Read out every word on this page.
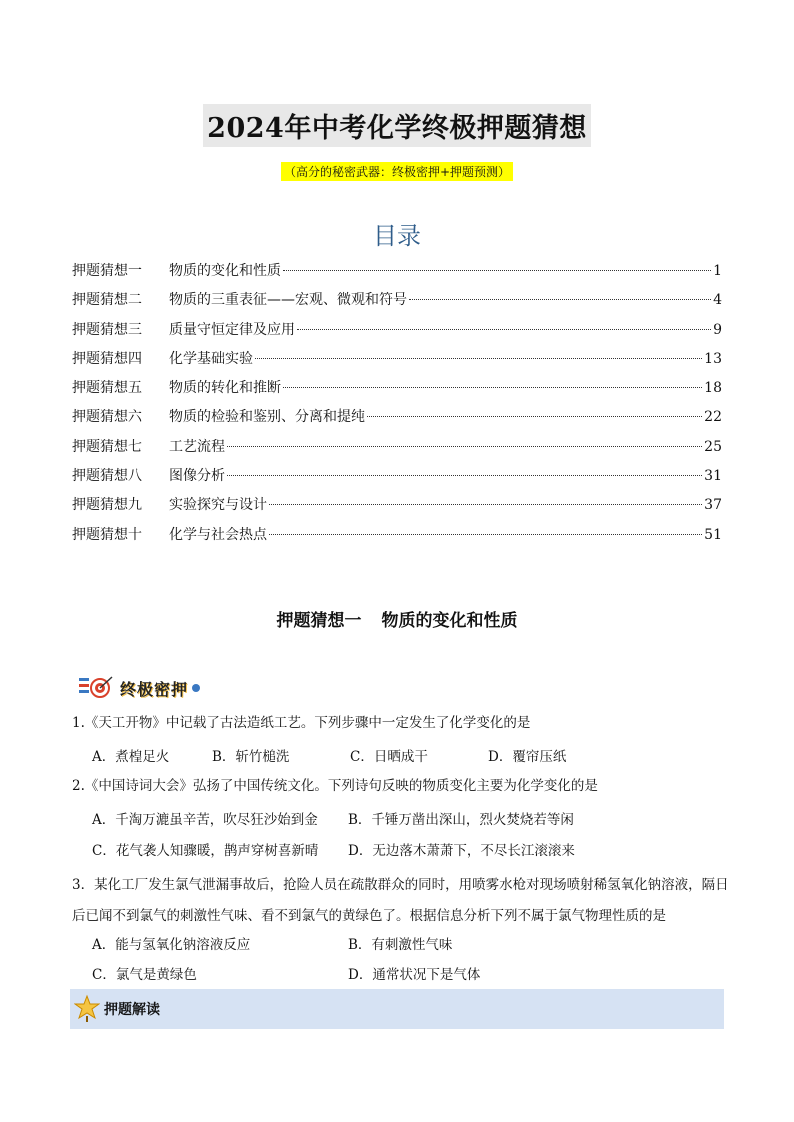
2024年中考化学终极押题猜想
（高分的秘密武器：终极密押+押题预测）
目录
押题猜想一	物质的变化和性质	1
押题猜想二	物质的三重表征——宏观、微观和符号	4
押题猜想三	质量守恒定律及应用	9
押题猜想四	化学基础实验	13
押题猜想五	物质的转化和推断	18
押题猜想六	物质的检验和鉴别、分离和提纯	22
押题猜想七	工艺流程	25
押题猜想八	图像分析	31
押题猜想九	实验探究与设计	37
押题猜想十	化学与社会热点	51
押题猜想一 物质的变化和性质
终极密押
1.《天工开物》中记载了古法造纸工艺。下列步骤中一定发生了化学变化的是
A．煮楻足火	B．斩竹槌洗	C．日晒成干	D．覆帘压纸
2.《中国诗词大会》弘扬了中国传统文化。下列诗句反映的物质变化主要为化学变化的是
A．千淘万漉虽辛苦，吹尽狂沙始到金	B．千锤万凿出深山，烈火焚烧若等闲
C．花气袭人知骤暖，鹊声穿树喜新晴	D．无边落木萧萧下，不尽长江滚滚来
3．某化工厂发生氯气泄漏事故后，抢险人员在疏散群众的同时，用喷雾水枪对现场喷射稀氢氧化钠溶液，隔日后已闻不到氯气的刺激性气味、看不到氯气的黄绿色了。根据信息分析下列不属于氯气物理性质的是
A．能与氢氧化钠溶液反应	B．有刺激性气味
C．氯气是黄绿色	D．通常状况下是气体
押题解读
